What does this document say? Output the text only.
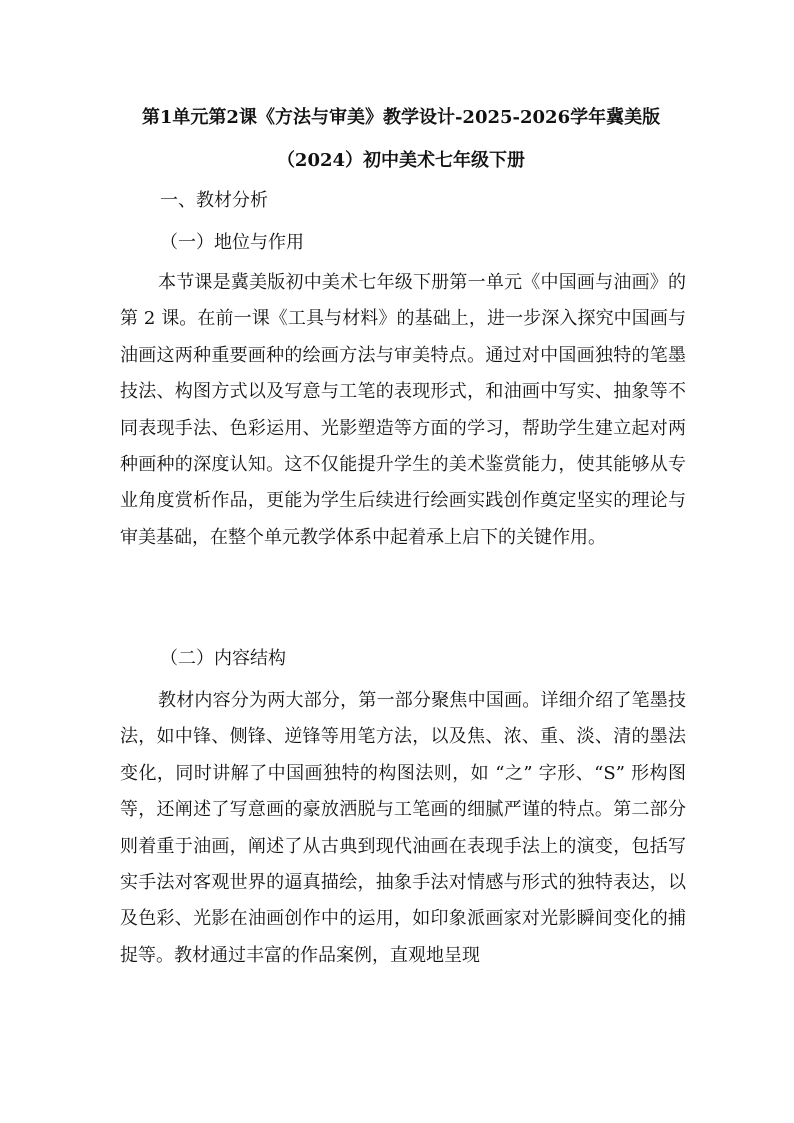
第1单元第2课《方法与审美》教学设计-2025-2026学年冀美版
（2024）初中美术七年级下册
一、教材分析
（一）地位与作用
本节课是冀美版初中美术七年级下册第一单元《中国画与油画》的第 2 课。在前一课《工具与材料》的基础上，进一步深入探究中国画与油画这两种重要画种的绘画方法与审美特点。通过对中国画独特的笔墨技法、构图方式以及写意与工笔的表现形式，和油画中写实、抽象等不同表现手法、色彩运用、光影塑造等方面的学习，帮助学生建立起对两种画种的深度认知。这不仅能提升学生的美术鉴赏能力，使其能够从专业角度赏析作品，更能为学生后续进行绘画实践创作奠定坚实的理论与审美基础，在整个单元教学体系中起着承上启下的关键作用。
（二）内容结构
教材内容分为两大部分，第一部分聚焦中国画。详细介绍了笔墨技法，如中锋、侧锋、逆锋等用笔方法，以及焦、浓、重、淡、清的墨法变化，同时讲解了中国画独特的构图法则，如 “之” 字形、“S” 形构图等，还阐述了写意画的豪放洒脱与工笔画的细腻严谨的特点。第二部分则着重于油画，阐述了从古典到现代油画在表现手法上的演变，包括写实手法对客观世界的逼真描绘，抽象手法对情感与形式的独特表达，以及色彩、光影在油画创作中的运用，如印象派画家对光影瞬间变化的捕捉等。教材通过丰富的作品案例，直观地呈现
